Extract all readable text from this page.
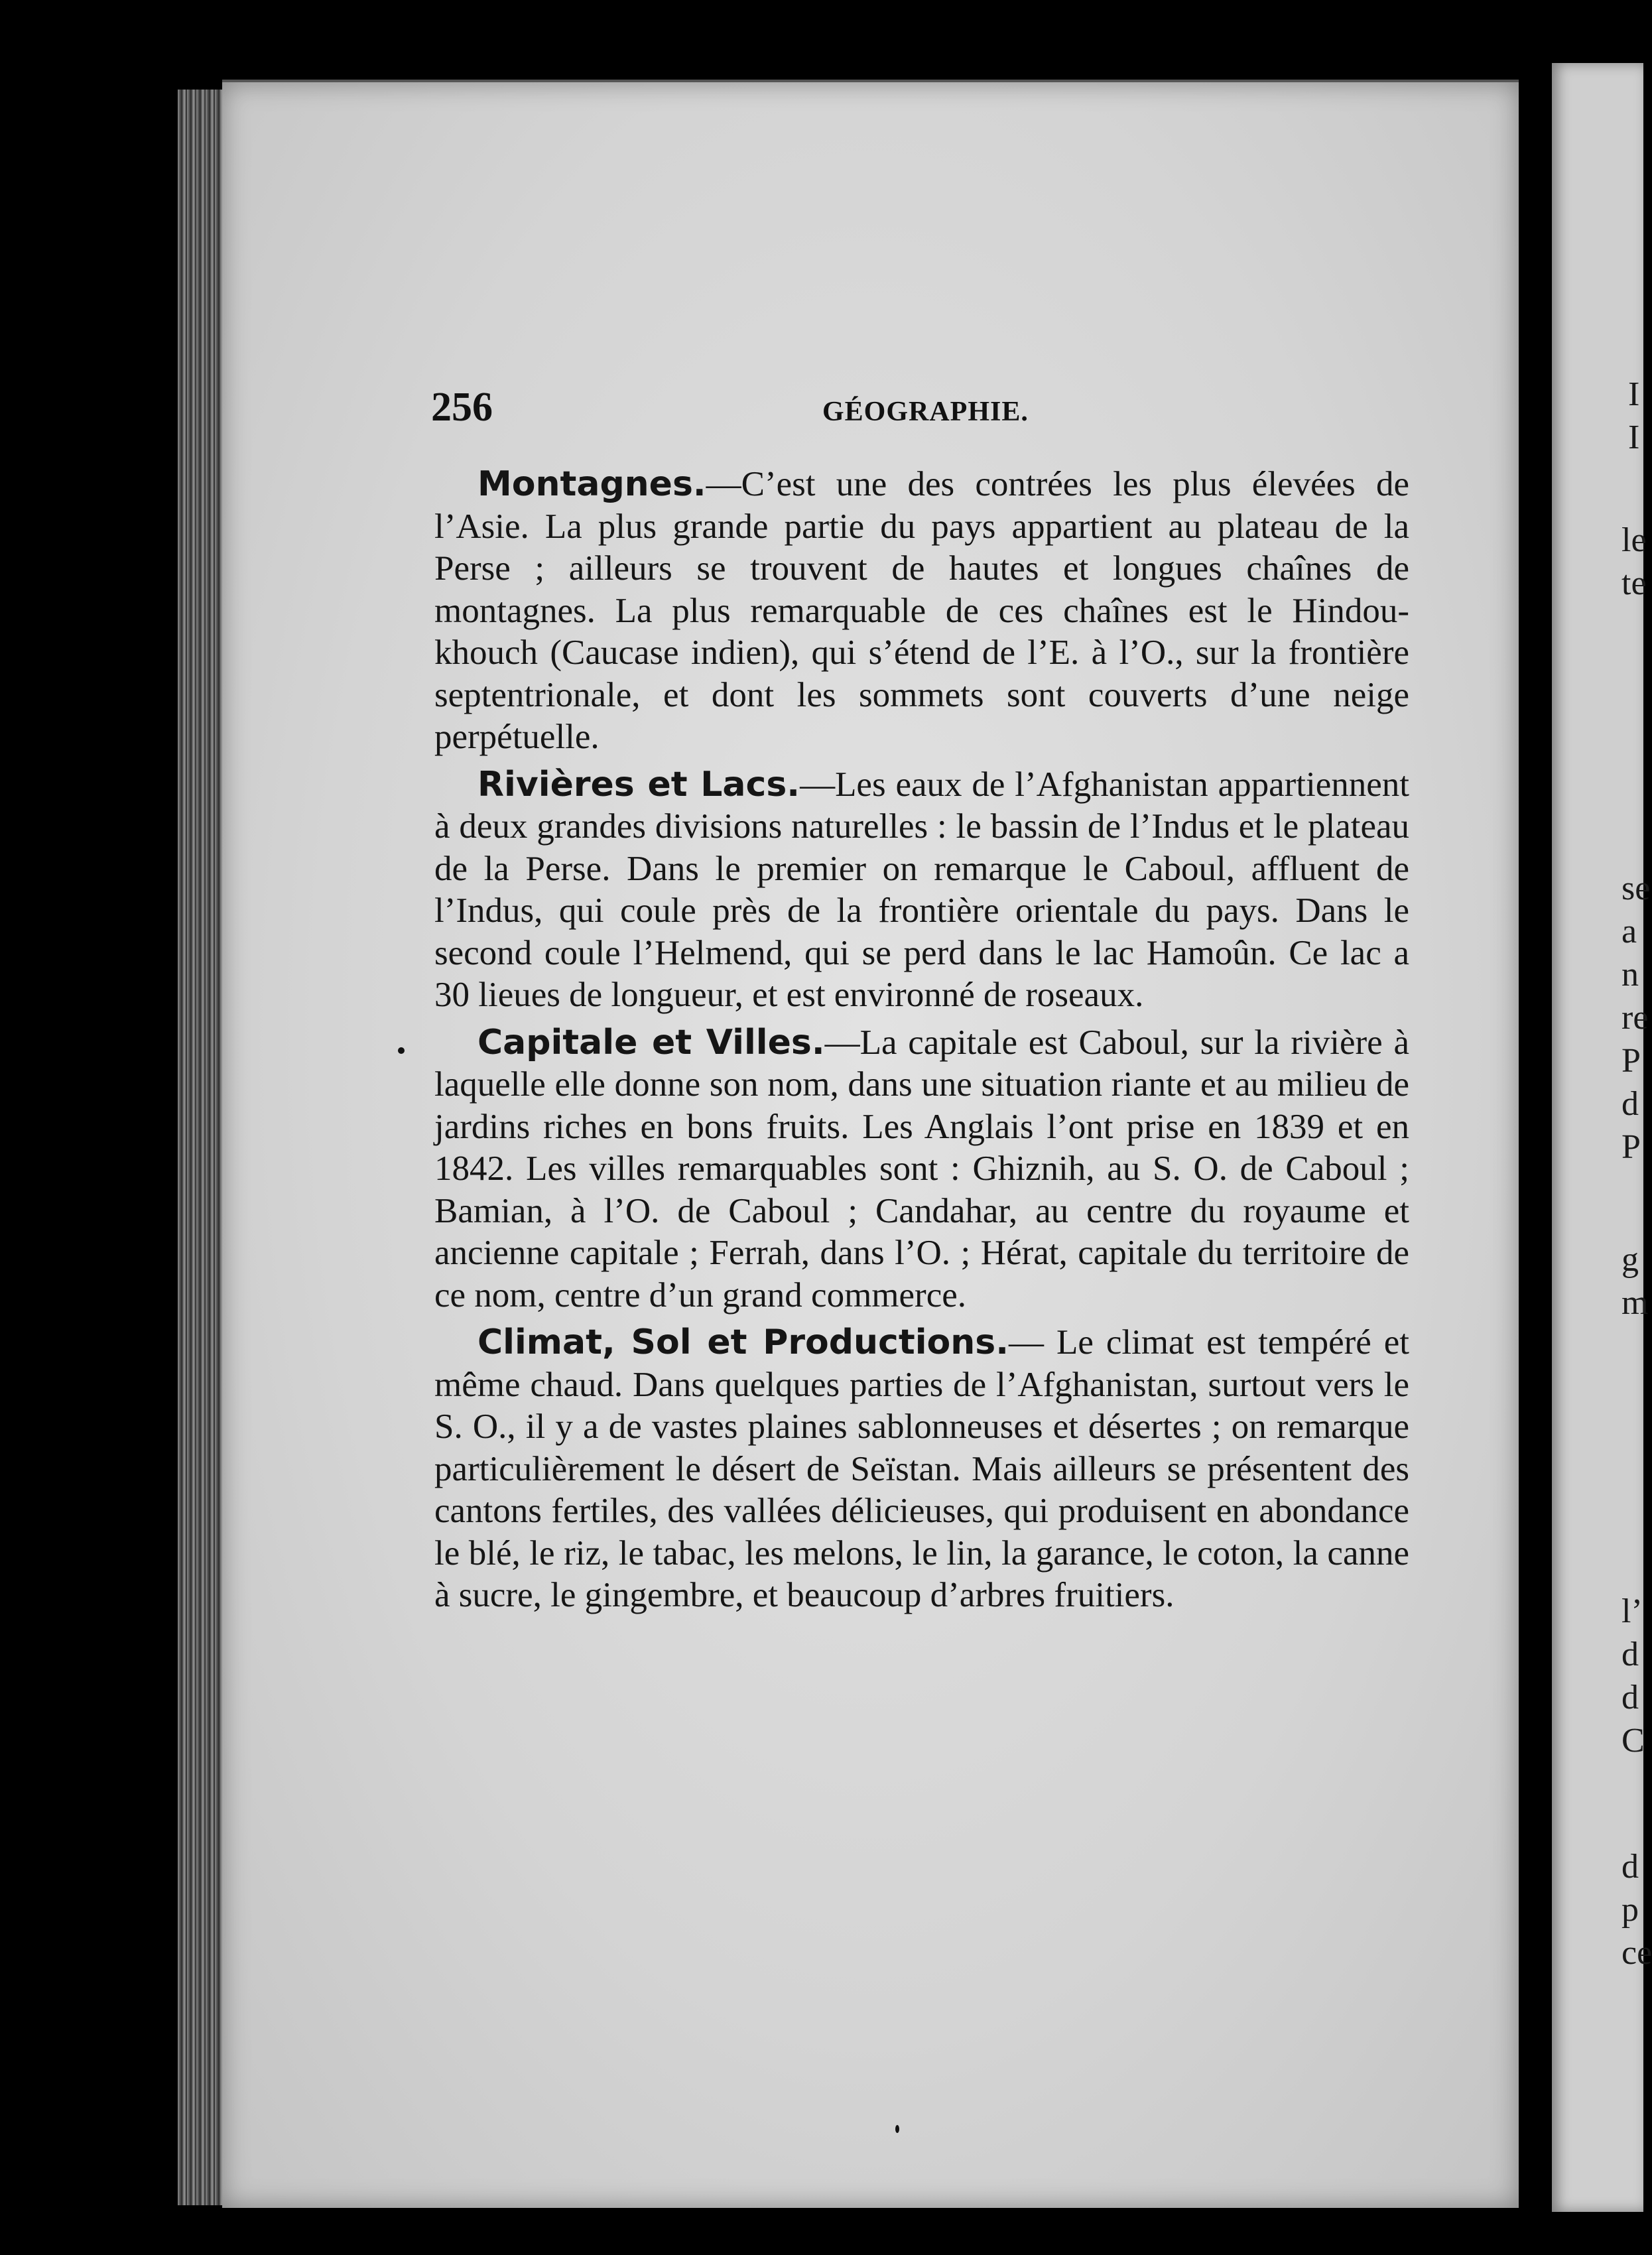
256	GÉOGRAPHIE.

Montagnes.—C’est une des contrées les plus élevées de l’Asie. La plus grande partie du pays appartient au plateau de la Perse ; ailleurs se trouvent de hautes et longues chaînes de montagnes. La plus remarquable de ces chaînes est le Hindou-khouch (Caucase indien), qui s’étend de l’E. à l’O., sur la frontière septentrionale, et dont les sommets sont couverts d’une neige perpétuelle.

Rivières et Lacs.—Les eaux de l’Afghanistan appartiennent à deux grandes divisions naturelles : le bassin de l’Indus et le plateau de la Perse. Dans le premier on remarque le Caboul, affluent de l’Indus, qui coule près de la frontière orientale du pays. Dans le second coule l’Helmend, qui se perd dans le lac Hamoûn. Ce lac a 30 lieues de longueur, et est environné de roseaux.

Capitale et Villes.—La capitale est Caboul, sur la rivière à laquelle elle donne son nom, dans une situation riante et au milieu de jardins riches en bons fruits. Les Anglais l’ont prise en 1839 et en 1842. Les villes remarquables sont : Ghiznih, au S. O. de Caboul ; Bamian, à l’O. de Caboul ; Candahar, au centre du royaume et ancienne capitale ; Ferrah, dans l’O. ; Hérat, capitale du territoire de ce nom, centre d’un grand commerce.

Climat, Sol et Productions.— Le climat est tempéré et même chaud. Dans quelques parties de l’Afghanistan, surtout vers le S. O., il y a de vastes plaines sablonneuses et désertes ; on remarque particulièrement le désert de Seïstan. Mais ailleurs se présentent des cantons fertiles, des vallées délicieuses, qui produisent en abondance le blé, le riz, le tabac, les melons, le lin, la garance, le coton, la canne à sucre, le gingembre, et beaucoup d’arbres fruitiers.

I
I
le
te
se
a
n
re
P
d
P
g
m
l’
d
d
C
d
p
ce
